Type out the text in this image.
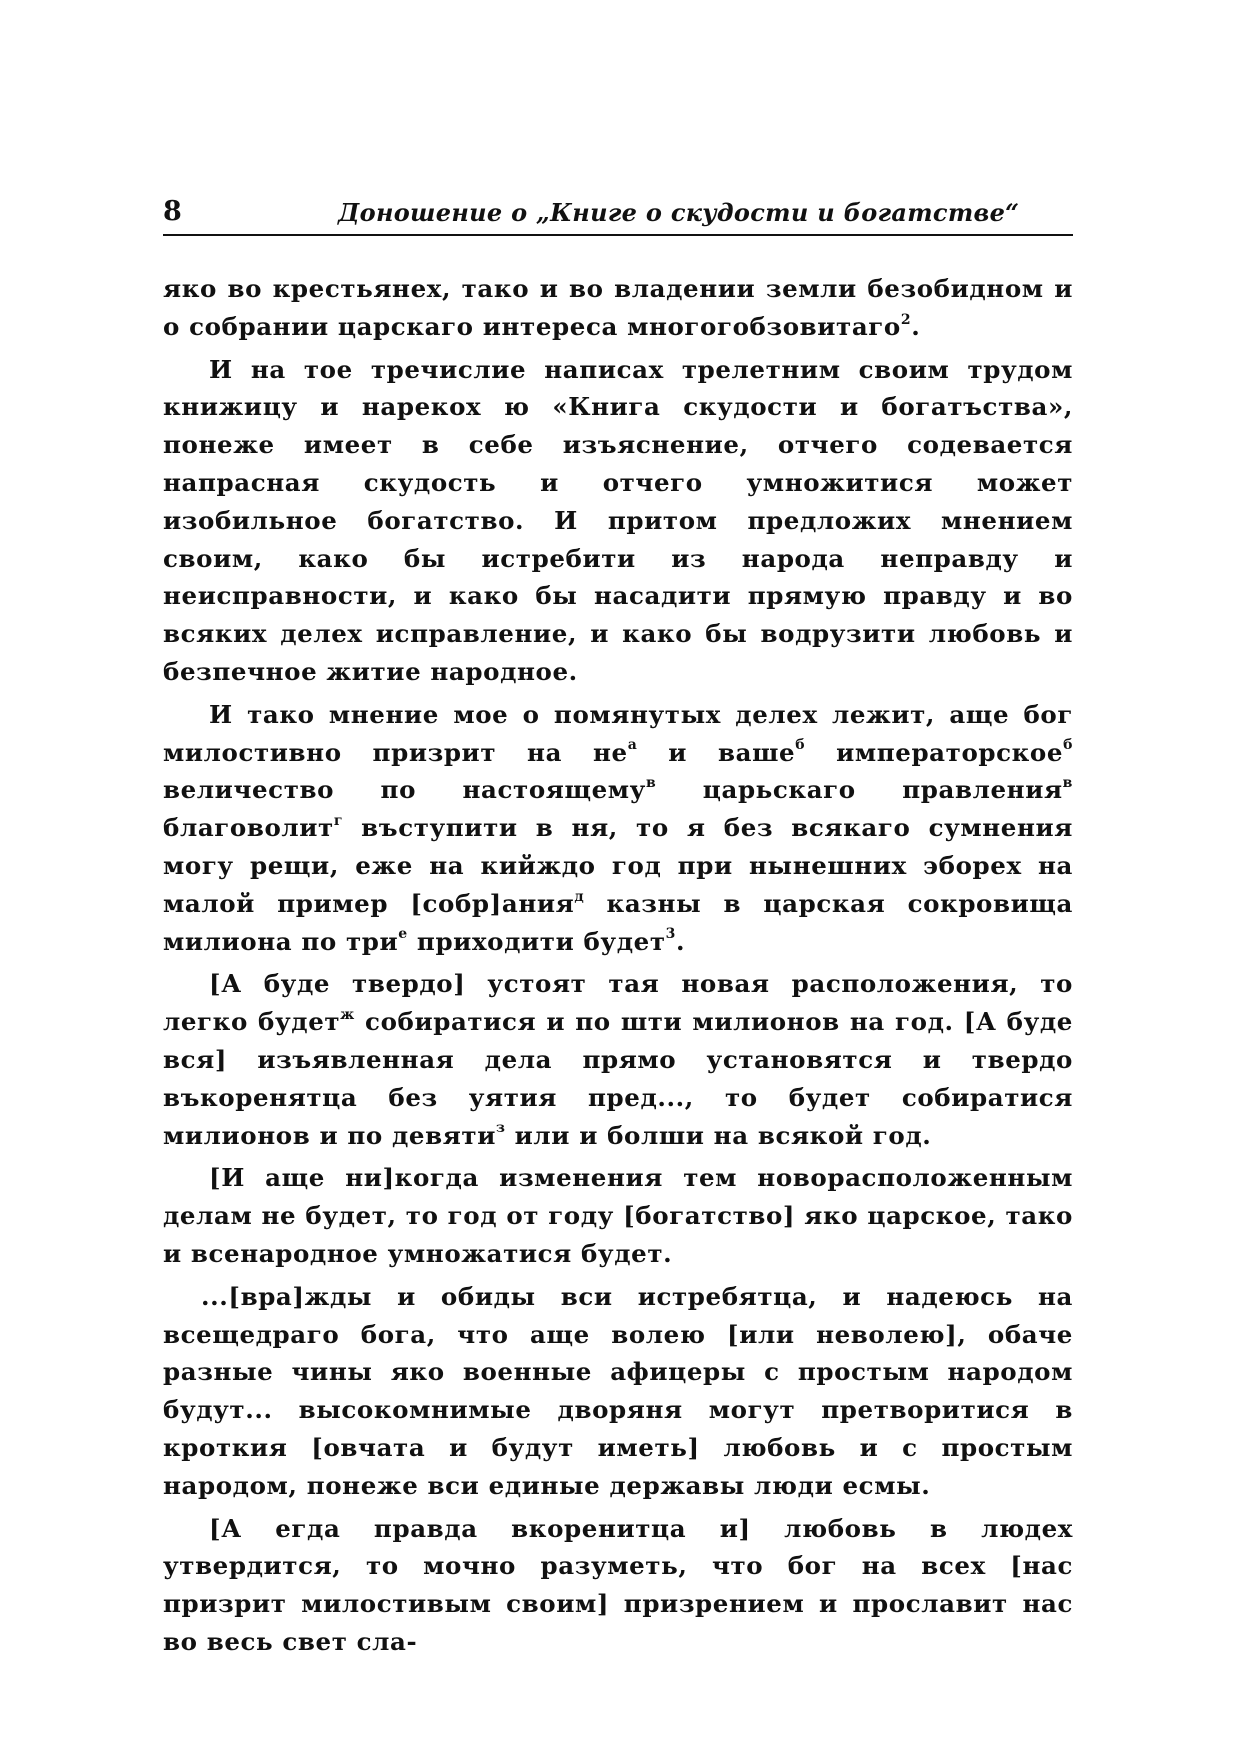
8	Доношение о „Книге о скудости и богатстве“

яко во крестьянех, тако и во владении земли безобидном и о собрании царскаго интереса многогобзовитаго$^2$.

И на тое тречислие написах трелетним своим трудом книжицу и нарекох ю «Книга скудости и богатъства», понеже имеет в себе изъяснение, отчего содевается напрасная скудость и отчего умножитися может изобильное богатство. И притом предложих мнением своим, како бы истребити из народа неправду и неисправности, и како бы насадити прямую правду и во всяких делех исправление, и како бы водрузити любовь и безпечное житие народное.

И тако мнение мое о помянутых делех лежит, аще бог милостивно призрит на $не^а$ и ваше$^б$ императорское$^б$ величество по настоящему$^в$ царьскаго правления$^в$ благоволит$^г$ въступити в ня, то я без всякаго сумнения могу рещи, еже на кийждо год при нынешних эборех на малой пример [собр]ания$^д$ казны в царская сокровища милиона по три$^е$ приходити будет$^3$.

[А буде твердо] устоят тая новая расположения, то легко будет$^ж$ собиратися и по шти милионов на год. [А буде вся] изъявленная дела прямо установятся и твердо въкоренятца без уятия пред..., то будет собиратися милионов и по девяти$^з$ или и болши на всякой год.

[И аще ни]когда изменения тем новорасположенным делам не будет, то год от году [богатство] яко царское, тако и всенародное умножатися будет.

...[вра]жды и обиды вси истребятца, и надеюсь на всещедраго бога, что аще волею [или неволею], обаче разные чины яко военные афицеры с простым народом будут... высокомнимые дворяня могут претворитися в кроткия [овчата и будут иметь] любовь и с простым народом, понеже вси единые державы люди есмы.

[А егда правда вкоренитца и] любовь в людех утвердится, то мочно разуметь, что бог на всех [нас призрит милостивым своим] призрением и прославит нас во весь свет сла-
